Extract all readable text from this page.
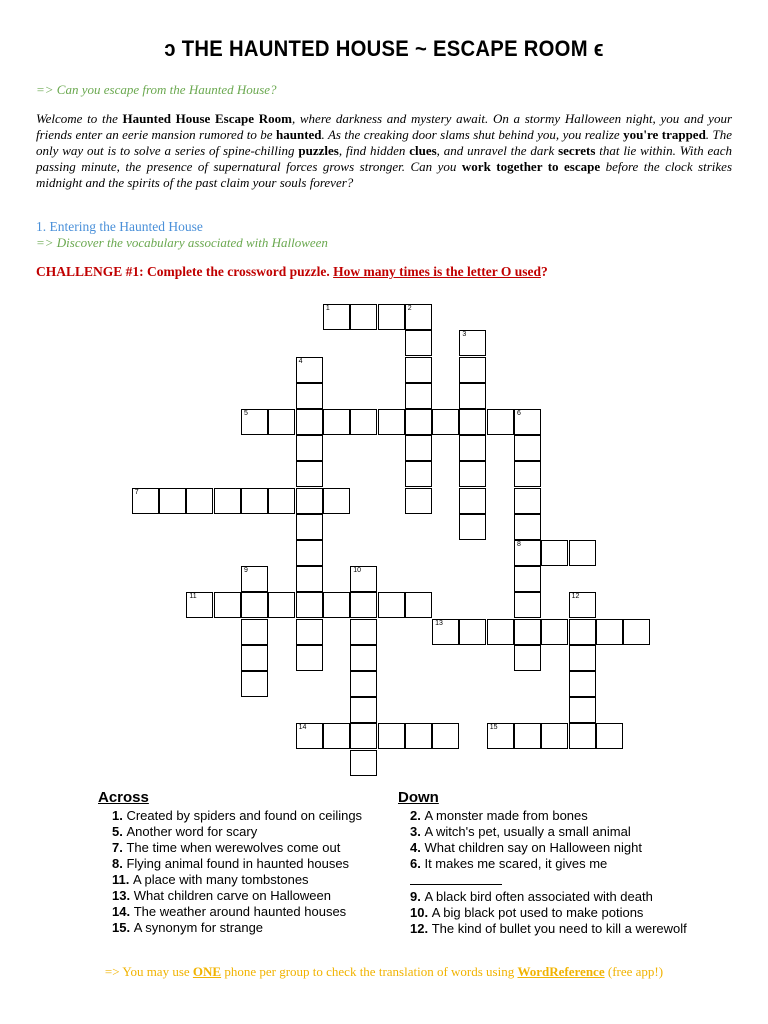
ↄ THE HAUNTED HOUSE ~ ESCAPE ROOM ϵ
=> Can you escape from the Haunted House?
Welcome to the Haunted House Escape Room, where darkness and mystery await. On a stormy Halloween night, you and your friends enter an eerie mansion rumored to be haunted. As the creaking door slams shut behind you, you realize you're trapped. The only way out is to solve a series of spine-chilling puzzles, find hidden clues, and unravel the dark secrets that lie within. With each passing minute, the presence of supernatural forces grows stronger. Can you work together to escape before the clock strikes midnight and the spirits of the past claim your souls forever?
1. Entering the Haunted House
=> Discover the vocabulary associated with Halloween
CHALLENGE #1: Complete the crossword puzzle. How many times is the letter O used?
1	2
5	6
7
8
11
13
14	15
3
4
9	10
12
Across
1. Created by spiders and found on ceilings
5. Another word for scary
7. The time when werewolves come out
8. Flying animal found in haunted houses
11. A place with many tombstones
13. What children carve on Halloween
14. The weather around haunted houses
15. A synonym for strange
Down
2. A monster made from bones
3. A witch's pet, usually a small animal
4. What children say on Halloween night
6. It makes me scared, it gives me
9. A black bird often associated with death
10. A big black pot used to make potions
12. The kind of bullet you need to kill a werewolf
=> You may use ONE phone per group to check the translation of words using WordReference (free app!)
